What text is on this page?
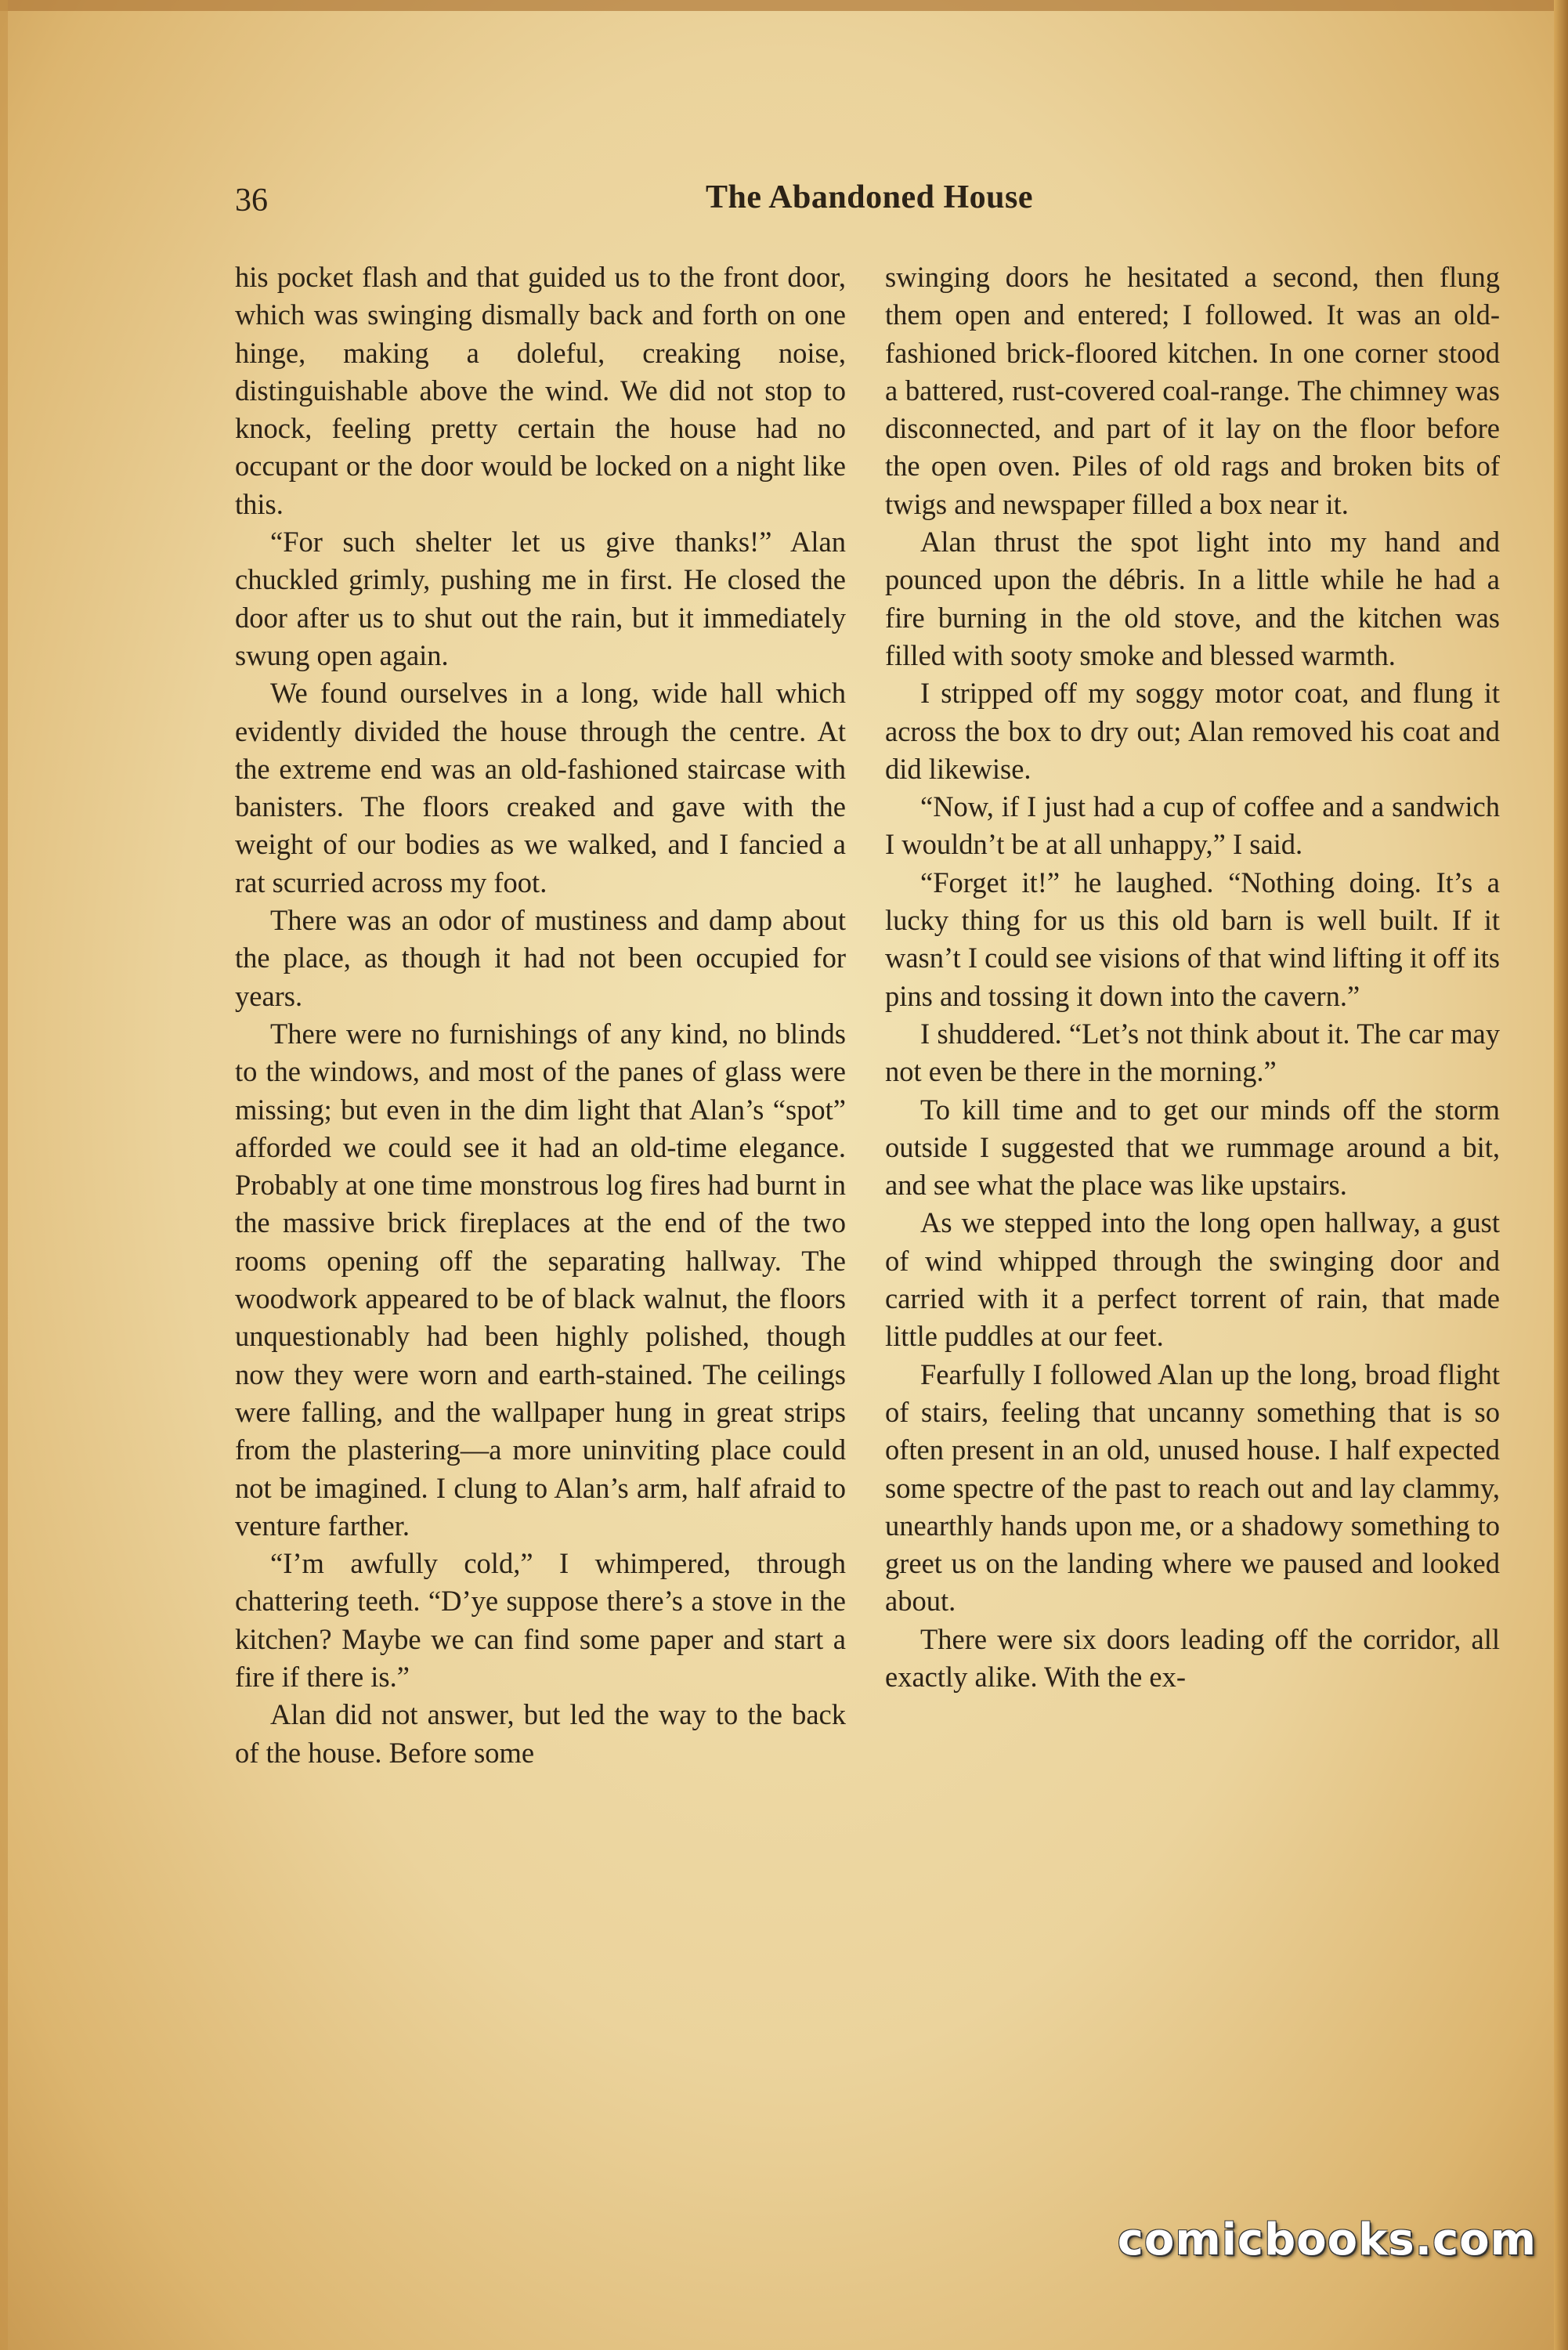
36	The Abandoned House

his pocket flash and that guided us to the front door, which was swinging dismally back and forth on one hinge, making a doleful, creaking noise, distinguishable above the wind. We did not stop to knock, feeling pretty certain the house had no occupant or the door would be locked on a night like this.

“For such shelter let us give thanks!” Alan chuckled grimly, pushing me in first. He closed the door after us to shut out the rain, but it immediately swung open again.

We found ourselves in a long, wide hall which evidently divided the house through the centre. At the extreme end was an old-fashioned staircase with banisters. The floors creaked and gave with the weight of our bodies as we walked, and I fancied a rat scurried across my foot.

There was an odor of mustiness and damp about the place, as though it had not been occupied for years.

There were no furnishings of any kind, no blinds to the windows, and most of the panes of glass were missing; but even in the dim light that Alan’s “spot” afforded we could see it had an old-time elegance. Probably at one time monstrous log fires had burnt in the massive brick fireplaces at the end of the two rooms opening off the separating hallway. The woodwork appeared to be of black walnut, the floors unquestionably had been highly polished, though now they were worn and earth-stained. The ceilings were falling, and the wallpaper hung in great strips from the plastering—a more uninviting place could not be imagined. I clung to Alan’s arm, half afraid to venture farther.

“I’m awfully cold,” I whimpered, through chattering teeth. “D’ye suppose there’s a stove in the kitchen? Maybe we can find some paper and start a fire if there is.”

Alan did not answer, but led the way to the back of the house. Before some

swinging doors he hesitated a second, then flung them open and entered; I followed. It was an old-fashioned brick-floored kitchen. In one corner stood a battered, rust-covered coal-range. The chimney was disconnected, and part of it lay on the floor before the open oven. Piles of old rags and broken bits of twigs and newspaper filled a box near it.

Alan thrust the spot light into my hand and pounced upon the débris. In a little while he had a fire burning in the old stove, and the kitchen was filled with sooty smoke and blessed warmth.

I stripped off my soggy motor coat, and flung it across the box to dry out; Alan removed his coat and did likewise.

“Now, if I just had a cup of coffee and a sandwich I wouldn’t be at all unhappy,” I said.

“Forget it!” he laughed. “Nothing doing. It’s a lucky thing for us this old barn is well built. If it wasn’t I could see visions of that wind lifting it off its pins and tossing it down into the cavern.”

I shuddered. “Let’s not think about it. The car may not even be there in the morning.”

To kill time and to get our minds off the storm outside I suggested that we rummage around a bit, and see what the place was like upstairs.

As we stepped into the long open hallway, a gust of wind whipped through the swinging door and carried with it a perfect torrent of rain, that made little puddles at our feet.

Fearfully I followed Alan up the long, broad flight of stairs, feeling that uncanny something that is so often present in an old, unused house. I half expected some spectre of the past to reach out and lay clammy, unearthly hands upon me, or a shadowy something to greet us on the landing where we paused and looked about.

There were six doors leading off the corridor, all exactly alike. With the ex-

comicbooks.com
